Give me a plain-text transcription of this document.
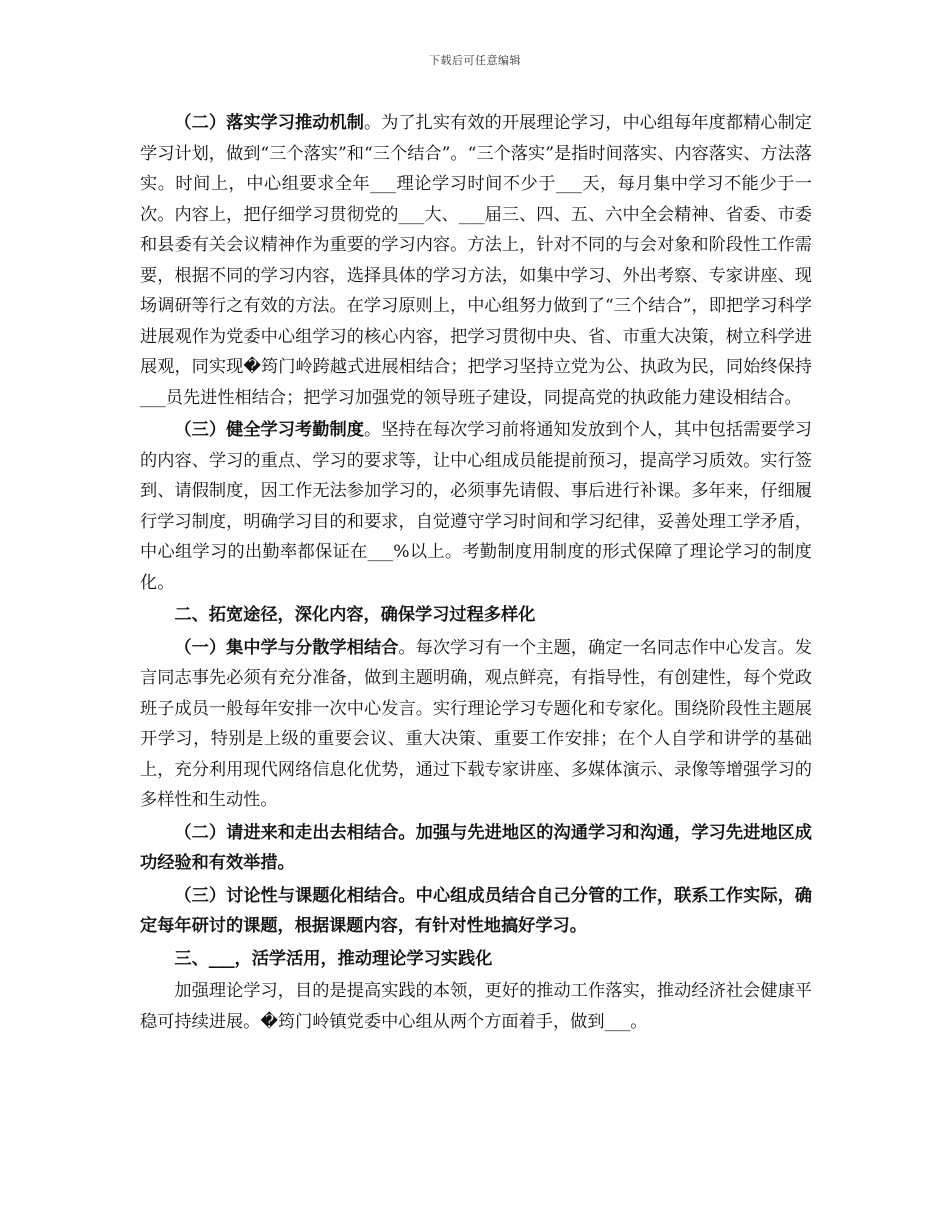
下载后可任意编辑

（二）落实学习推动机制。为了扎实有效的开展理论学习，中心组每年度都精心制定学习计划，做到“三个落实”和“三个结合”。“三个落实”是指时间落实、内容落实、方法落实。时间上，中心组要求全年___理论学习时间不少于___天，每月集中学习不能少于一次。内容上，把仔细学习贯彻党的___大、___届三、四、五、六中全会精神、省委、市委和县委有关会议精神作为重要的学习内容。方法上，针对不同的与会对象和阶段性工作需要，根据不同的学习内容，选择具体的学习方法，如集中学习、外出考察、专家讲座、现场调研等行之有效的方法。在学习原则上，中心组努力做到了“三个结合”，即把学习科学进展观作为党委中心组学习的核心内容，把学习贯彻中央、省、市重大决策，树立科学进展观，同实现�筠门岭跨越式进展相结合；把学习坚持立党为公、执政为民，同始终保持___员先进性相结合；把学习加强党的领导班子建设，同提高党的执政能力建设相结合。

（三）健全学习考勤制度。坚持在每次学习前将通知发放到个人，其中包括需要学习的内容、学习的重点、学习的要求等，让中心组成员能提前预习，提高学习质效。实行签到、请假制度，因工作无法参加学习的，必须事先请假、事后进行补课。多年来，仔细履行学习制度，明确学习目的和要求，自觉遵守学习时间和学习纪律，妥善处理工学矛盾，中心组学习的出勤率都保证在___%以上。考勤制度用制度的形式保障了理论学习的制度化。

二、拓宽途径，深化内容，确保学习过程多样化

（一）集中学与分散学相结合。每次学习有一个主题，确定一名同志作中心发言。发言同志事先必须有充分准备，做到主题明确，观点鲜亮，有指导性，有创建性，每个党政班子成员一般每年安排一次中心发言。实行理论学习专题化和专家化。围绕阶段性主题展开学习，特别是上级的重要会议、重大决策、重要工作安排；在个人自学和讲学的基础上，充分利用现代网络信息化优势，通过下载专家讲座、多媒体演示、录像等增强学习的多样性和生动性。

（二）请进来和走出去相结合。加强与先进地区的沟通学习和沟通，学习先进地区成功经验和有效举措。

（三）讨论性与课题化相结合。中心组成员结合自己分管的工作，联系工作实际，确定每年研讨的课题，根据课题内容，有针对性地搞好学习。

三、___，活学活用，推动理论学习实践化

加强理论学习，目的是提高实践的本领，更好的推动工作落实，推动经济社会健康平稳可持续进展。�筠门岭镇党委中心组从两个方面着手，做到___。
